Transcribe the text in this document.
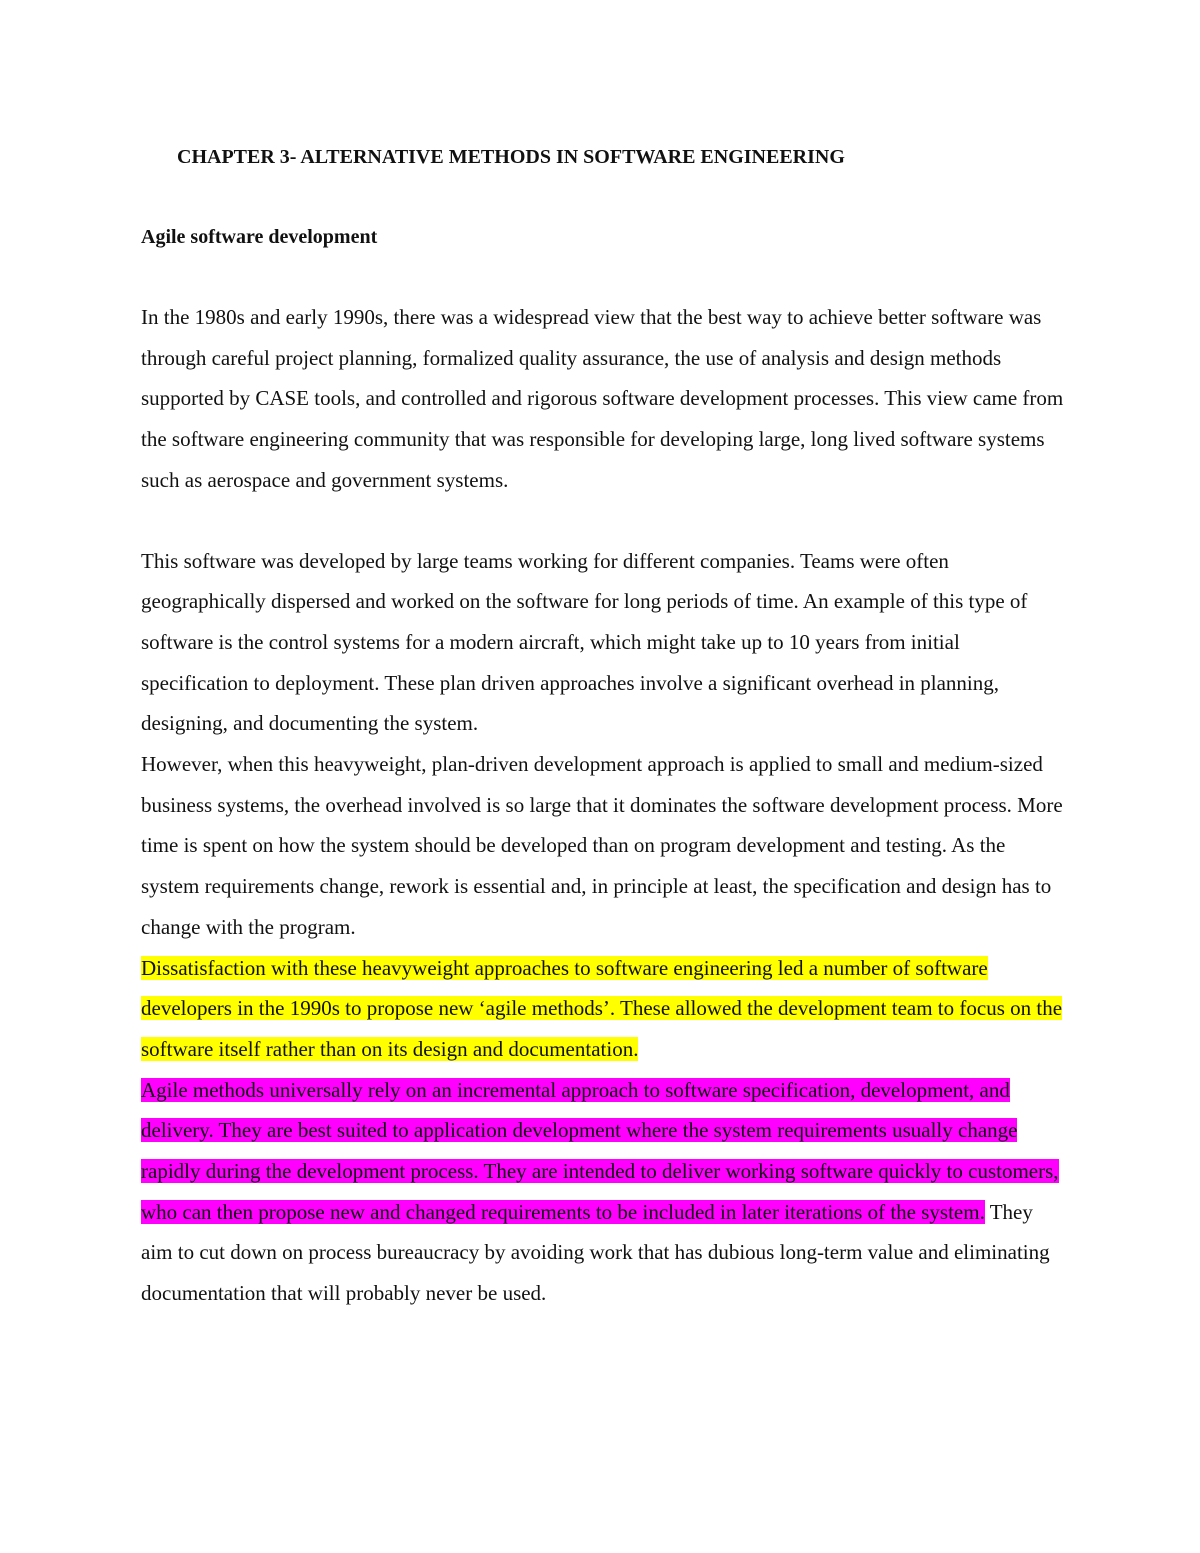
CHAPTER 3- ALTERNATIVE METHODS IN SOFTWARE ENGINEERING
Agile software development

In the 1980s and early 1990s, there was a widespread view that the best way to achieve better software was through careful project planning, formalized quality assurance, the use of analysis and design methods supported by CASE tools, and controlled and rigorous software development processes. This view came from the software engineering community that was responsible for developing large, long lived software systems such as aerospace and government systems.

This software was developed by large teams working for different companies. Teams were often geographically dispersed and worked on the software for long periods of time. An example of this type of software is the control systems for a modern aircraft, which might take up to 10 years from initial specification to deployment. These plan driven approaches involve a significant overhead in planning, designing, and documenting the system.

However, when this heavyweight, plan-driven development approach is applied to small and medium-sized business systems, the overhead involved is so large that it dominates the software development process. More time is spent on how the system should be developed than on program development and testing. As the system requirements change, rework is essential and, in principle at least, the specification and design has to change with the program.

Dissatisfaction with these heavyweight approaches to software engineering led a number of software developers in the 1990s to propose new ‘agile methods’. These allowed the development team to focus on the software itself rather than on its design and documentation.
Agile methods universally rely on an incremental approach to software specification, development, and delivery. They are best suited to application development where the system requirements usually change rapidly during the development process. They are intended to deliver working software quickly to customers, who can then propose new and changed requirements to be included in later iterations of the system. They aim to cut down on process bureaucracy by avoiding work that has dubious long-term value and eliminating documentation that will probably never be used.
